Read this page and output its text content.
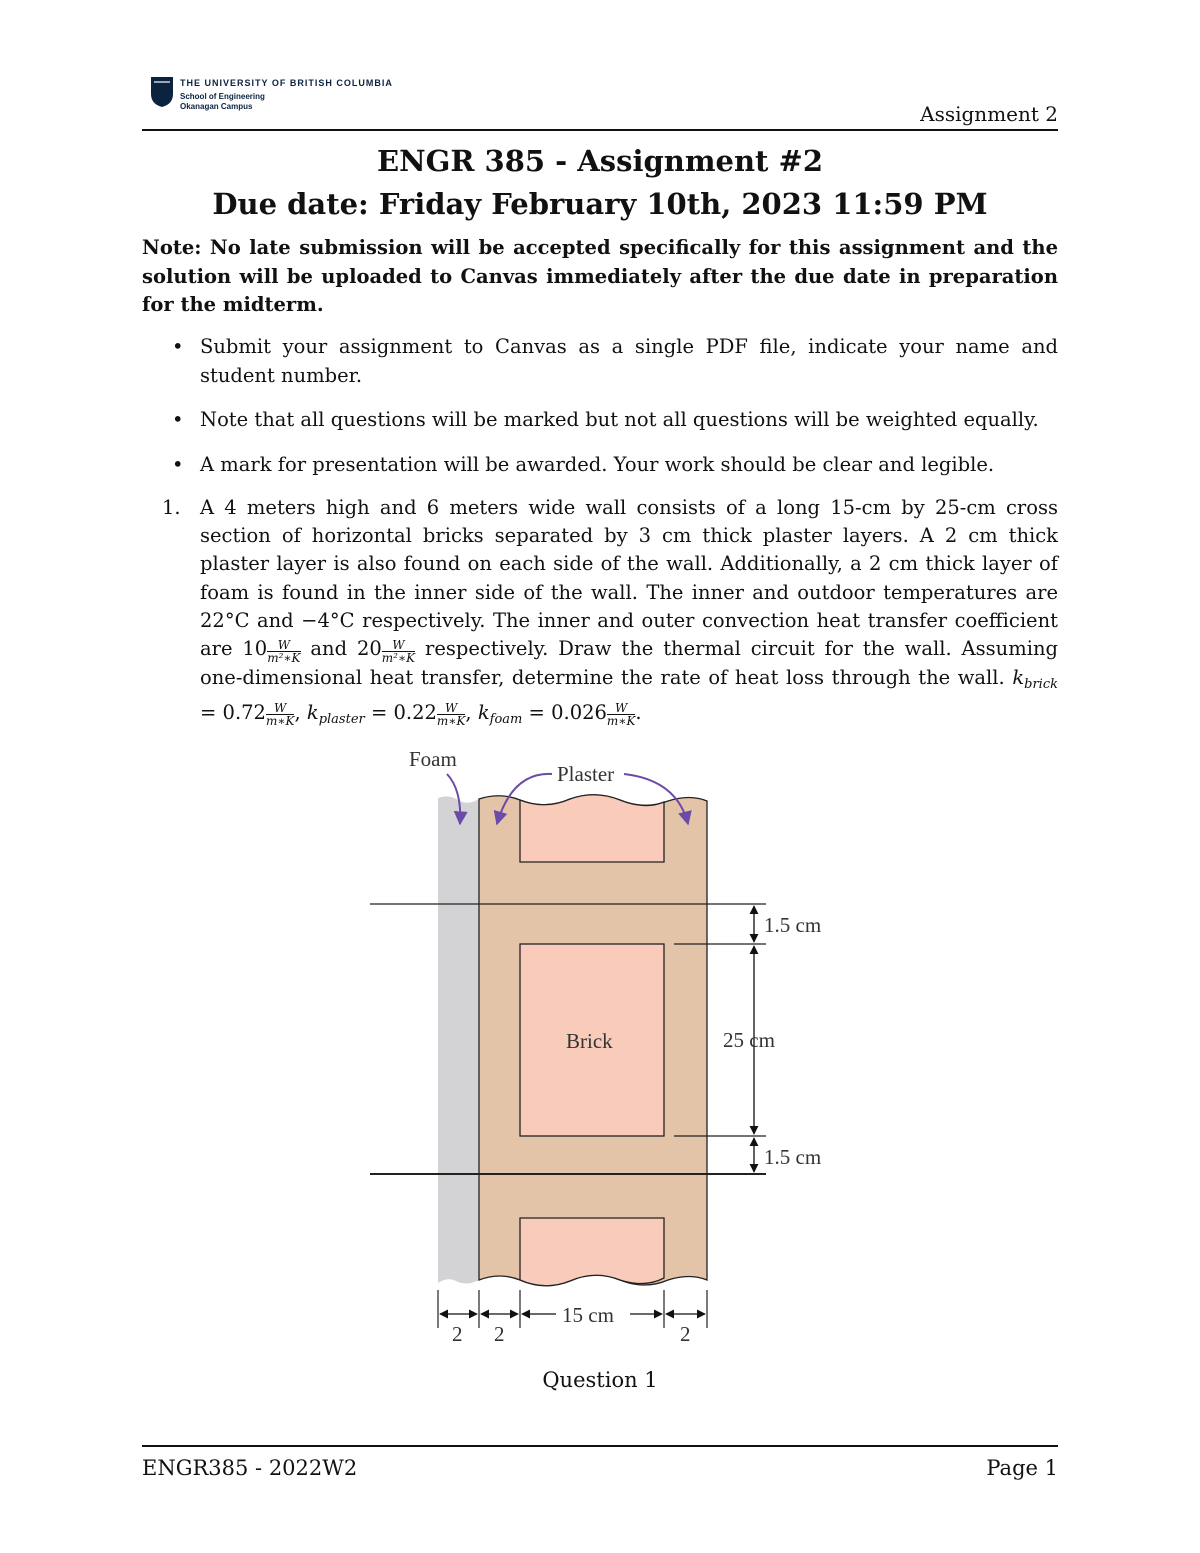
THE UNIVERSITY OF BRITISH COLUMBIA
School of Engineering
Okanagan Campus	Assignment 2
ENGR 385 - Assignment #2
Due date: Friday February 10th, 2023 11:59 PM
Note: No late submission will be accepted specifically for this assignment and the solution will be uploaded to Canvas immediately after the due date in preparation for the midterm.
• Submit your assignment to Canvas as a single PDF file, indicate your name and student number.
• Note that all questions will be marked but not all questions will be weighted equally.
• A mark for presentation will be awarded. Your work should be clear and legible.
1. A 4 meters high and 6 meters wide wall consists of a long 15-cm by 25-cm cross section of horizontal bricks separated by 3 cm thick plaster layers. A 2 cm thick plaster layer is also found on each side of the wall. Additionally, a 2 cm thick layer of foam is found in the inner side of the wall. The inner and outdoor temperatures are 22°C and −4°C respectively. The inner and outer convection heat transfer coefficient are $10 \frac{W}{\text{m²∗K}}$ and $20 \frac{W}{\text{m²∗K}}$ respectively. Draw the thermal circuit for the wall. Assuming one-dimensional heat transfer, determine the rate of heat loss through the wall. $k_{brick} = 0.72 \frac{W}{m∗K}$ , $k_{plaster} = 0.22 \frac{W}{m∗K}$ , $k_{foam} = 0.026 \frac{W}{m∗K}$ .
Foam
Plaster
Brick
1.5 cm
25 cm
1.5 cm
15 cm
2 2	2
Question 1
ENGR385 - 2022W2	Page 1
